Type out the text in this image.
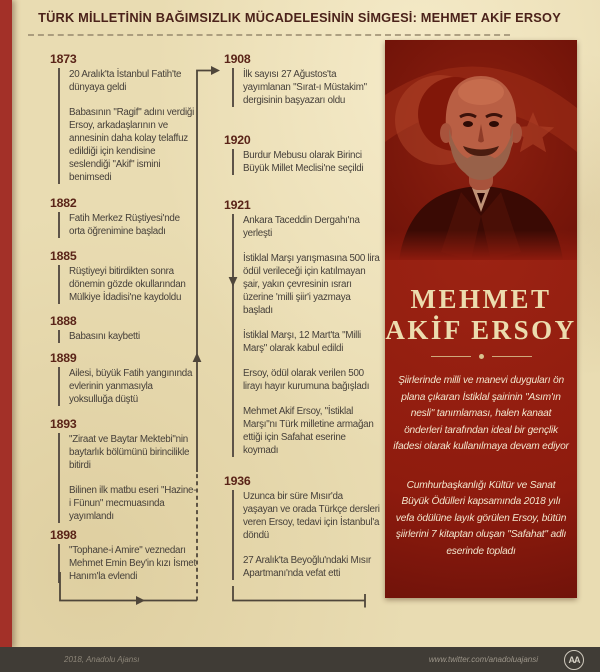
TÜRK MİLLETİNİN BAĞIMSIZLIK MÜCADELESİNİN SİMGESİ: MEHMET AKİF ERSOY
1873

20 Aralık'ta İstanbul Fatih'te dünyaya geldi

Babasının "Ragif" adını verdiği Ersoy, arkadaşlarının ve annesinin daha kolay telaffuz edildiği için kendisine seslendiği "Akif" ismini benimsedi

1882

Fatih Merkez Rüştiyesi'nde orta öğrenimine başladı

1885

Rüştiyeyi bitirdikten sonra dönemin gözde okullarından Mülkiye İdadisi'ne kaydoldu

1888

Babasını kaybetti

1889

Ailesi, büyük Fatih yangınında evlerinin yanmasıyla yoksulluğa düştü

1893

"Ziraat ve Baytar Mektebi"nin baytarlık bölümünü birincilikle bitirdi

Bilinen ilk matbu eseri "Hazine-i Fünun" mecmuasında yayımlandı

1898

"Tophane-i Amire" veznedarı Mehmet Emin Bey'in kızı İsmet Hanım'la evlendi

1908

İlk sayısı 27 Ağustos'ta yayımlanan "Sırat-ı Müstakim" dergisinin başyazarı oldu

1920

Burdur Mebusu olarak Birinci Büyük Millet Meclisi'ne seçildi

1921

Ankara Taceddin Dergahı'na yerleşti

İstiklal Marşı yarışmasına 500 lira ödül verileceği için katılmayan şair, yakın çevresinin ısrarı üzerine 'milli şiir'i yazmaya başladı

İstiklal Marşı, 12 Mart'ta "Milli Marş" olarak kabul edildi

Ersoy, ödül olarak verilen 500 lirayı hayır kurumuna bağışladı

Mehmet Akif Ersoy, "İstiklal Marşı"nı Türk milletine armağan ettiği için Safahat eserine koymadı

1936

Uzunca bir süre Mısır'da yaşayan ve orada Türkçe dersleri veren Ersoy, tedavi için İstanbul'a döndü

27 Aralık'ta Beyoğlu'ndaki Mısır Apartmanı'nda vefat etti

MEHMET
AKİF ERSOY

Şiirlerinde milli ve manevi duyguları ön plana çıkaran İstiklal şairinin "Asım'ın nesli" tanımlaması, halen kanaat önderleri tarafından ideal bir gençlik ifadesi olarak kullanılmaya devam ediyor

Cumhurbaşkanlığı Kültür ve Sanat Büyük Ödülleri kapsamında 2018 yılı vefa ödülüne layık görülen Ersoy, bütün şiirlerini 7 kitaptan oluşan "Safahat" adlı eserinde topladı

2018, Anadolu Ajansı	www.twitter.com/anadoluajansi	AA
